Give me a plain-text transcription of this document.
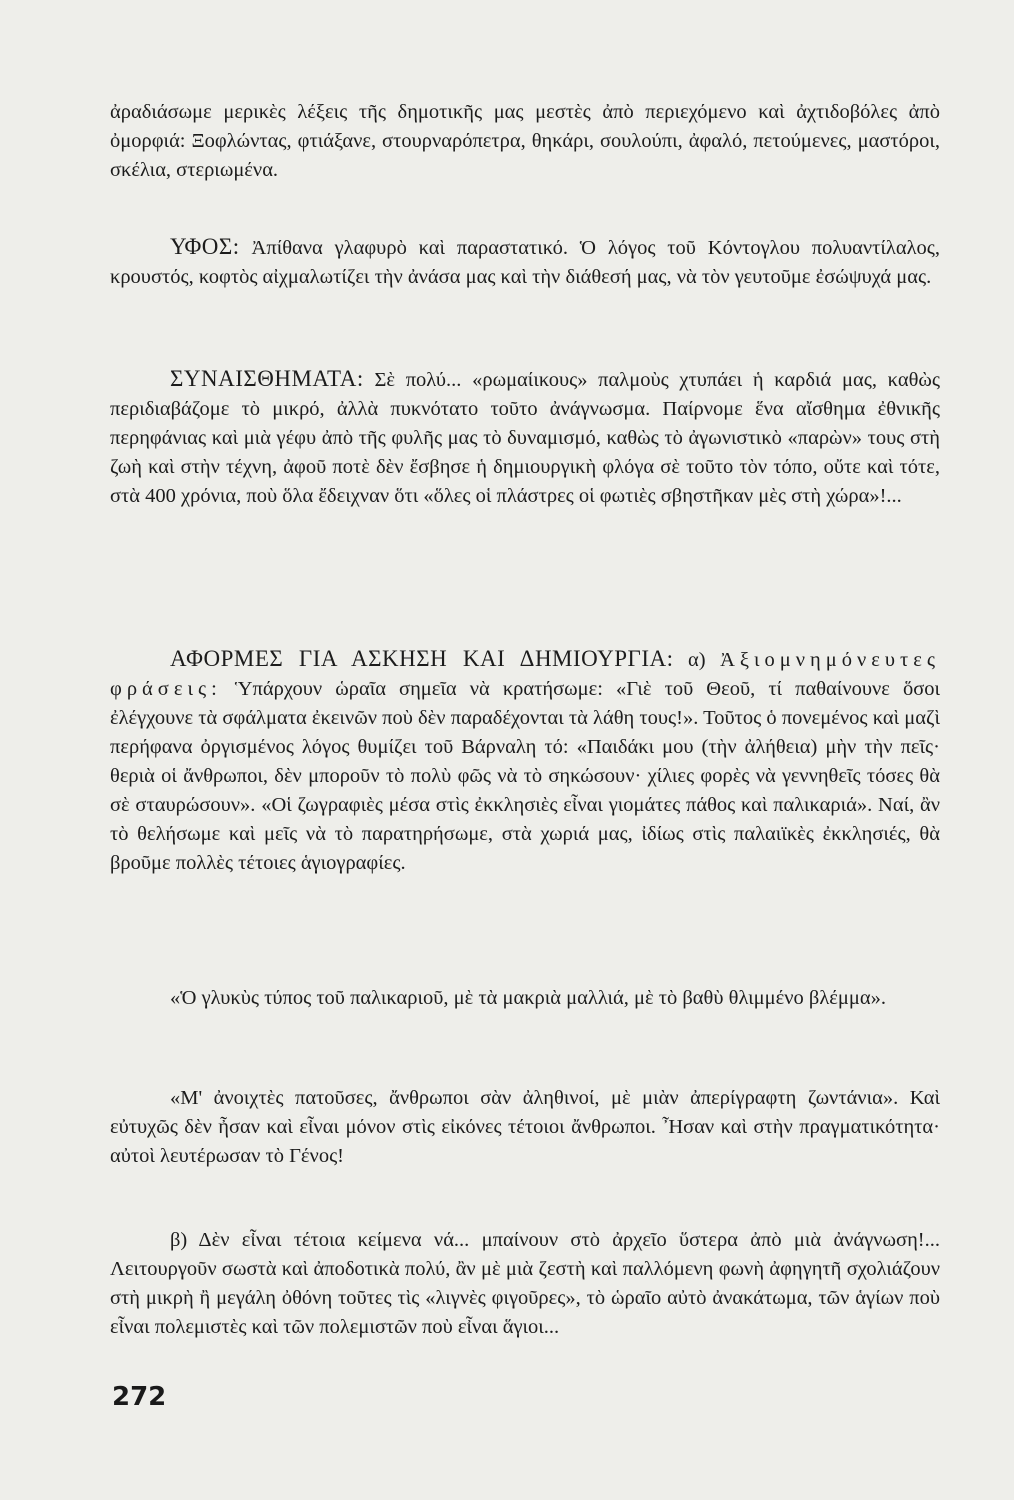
ἀραδιάσωμε μερικὲς λέξεις τῆς δημοτικῆς μας μεστὲς ἀπὸ περιεχόμενο καὶ ἀχτιδοβόλες ἀπὸ ὀμορφιά: Ξοφλώντας, φτιάξανε, στουρναρόπετρα, θηκάρι, σουλούπι, ἀφαλό, πετούμενες, μαστόροι, σκέλια, στεριωμένα.

ΥΦΟΣ: Ἀπίθανα γλαφυρὸ καὶ παραστατικό. Ὁ λόγος τοῦ Κόντογλου πολυαντίλαλος, κρουστός, κοφτὸς αἰχμαλωτίζει τὴν ἀνάσα μας καὶ τὴν διάθεσή μας, νὰ τὸν γευτοῦμε ἐσώψυχά μας.

ΣΥΝΑΙΣΘΗΜΑΤΑ: Σὲ πολύ... «ρωμαίικους» παλμοὺς χτυπάει ἡ καρδιά μας, καθὼς περιδιαβάζομε τὸ μικρό, ἀλλὰ πυκνότατο τοῦτο ἀνάγνωσμα. Παίρνομε ἕνα αἴσθημα ἐθνικῆς περηφάνιας καὶ μιὰ γέφυ ἀπὸ τῆς φυλῆς μας τὸ δυναμισμό, καθὼς τὸ ἀγωνιστικὸ «παρὼν» τους στὴ ζωὴ καὶ στὴν τέχνη, ἀφοῦ ποτὲ δὲν ἔσβησε ἡ δημιουργικὴ φλόγα σὲ τοῦτο τὸν τόπο, οὔτε καὶ τότε, στὰ 400 χρόνια, ποὺ ὅλα ἔδειχναν ὅτι «ὅλες οἱ πλάστρες οἱ φωτιὲς σβηστῆκαν μὲς στὴ χώρα»!...

ΑΦΟΡΜΕΣ ΓΙΑ ΑΣΚΗΣΗ ΚΑΙ ΔΗΜΙΟΥΡΓΙΑ: α) Ἀξιομνημόνευτες φράσεις: Ὑπάρχουν ὡραῖα σημεῖα νὰ κρατήσωμε: «Γιὲ τοῦ Θεοῦ, τί παθαίνουνε ὅσοι ἐλέγχουνε τὰ σφάλματα ἐκεινῶν ποὺ δὲν παραδέχονται τὰ λάθη τους!». Τοῦτος ὁ πονεμένος καὶ μαζὶ περήφανα ὀργισμένος λόγος θυμίζει τοῦ Βάρναλη τό: «Παιδάκι μου (τὴν ἀλήθεια) μὴν τὴν πεῖς· θεριὰ οἱ ἄνθρωποι, δὲν μποροῦν τὸ πολὺ φῶς νὰ τὸ σηκώσουν· χίλιες φορὲς νὰ γεννηθεῖς τόσες θὰ σὲ σταυρώσουν». «Οἱ ζωγραφιὲς μέσα στὶς ἐκκλησιὲς εἶναι γιομάτες πάθος καὶ παλικαριά». Ναί, ἂν τὸ θελήσωμε καὶ μεῖς νὰ τὸ παρατηρήσωμε, στὰ χωριά μας, ἰδίως στὶς παλαιϊκὲς ἐκκλησιές, θὰ βροῦμε πολλὲς τέτοιες ἁγιογραφίες.

«Ὁ γλυκὺς τύπος τοῦ παλικαριοῦ, μὲ τὰ μακριὰ μαλλιά, μὲ τὸ βαθὺ θλιμμένο βλέμμα».

«Μ' ἀνοιχτὲς πατοῦσες, ἄνθρωποι σὰν ἀληθινοί, μὲ μιὰν ἀπερίγραφτη ζωντάνια». Καὶ εὐτυχῶς δὲν ἦσαν καὶ εἶναι μόνον στὶς εἰκόνες τέτοιοι ἄνθρωποι. Ἦσαν καὶ στὴν πραγματικότητα· αὐτοὶ λευτέρωσαν τὸ Γένος!

β) Δὲν εἶναι τέτοια κείμενα νά... μπαίνουν στὸ ἀρχεῖο ὕστερα ἀπὸ μιὰ ἀνάγνωση!... Λειτουργοῦν σωστὰ καὶ ἀποδοτικὰ πολύ, ἂν μὲ μιὰ ζεστὴ καὶ παλλόμενη φωνὴ ἀφηγητῆ σχολιάζουν στὴ μικρὴ ἢ μεγάλη ὀθόνη τοῦτες τὶς «λιγνὲς φιγοῦρες», τὸ ὡραῖο αὐτὸ ἀνακάτωμα, τῶν ἁγίων ποὺ εἶναι πολεμιστὲς καὶ τῶν πολεμιστῶν ποὺ εἶναι ἅγιοι...

272
